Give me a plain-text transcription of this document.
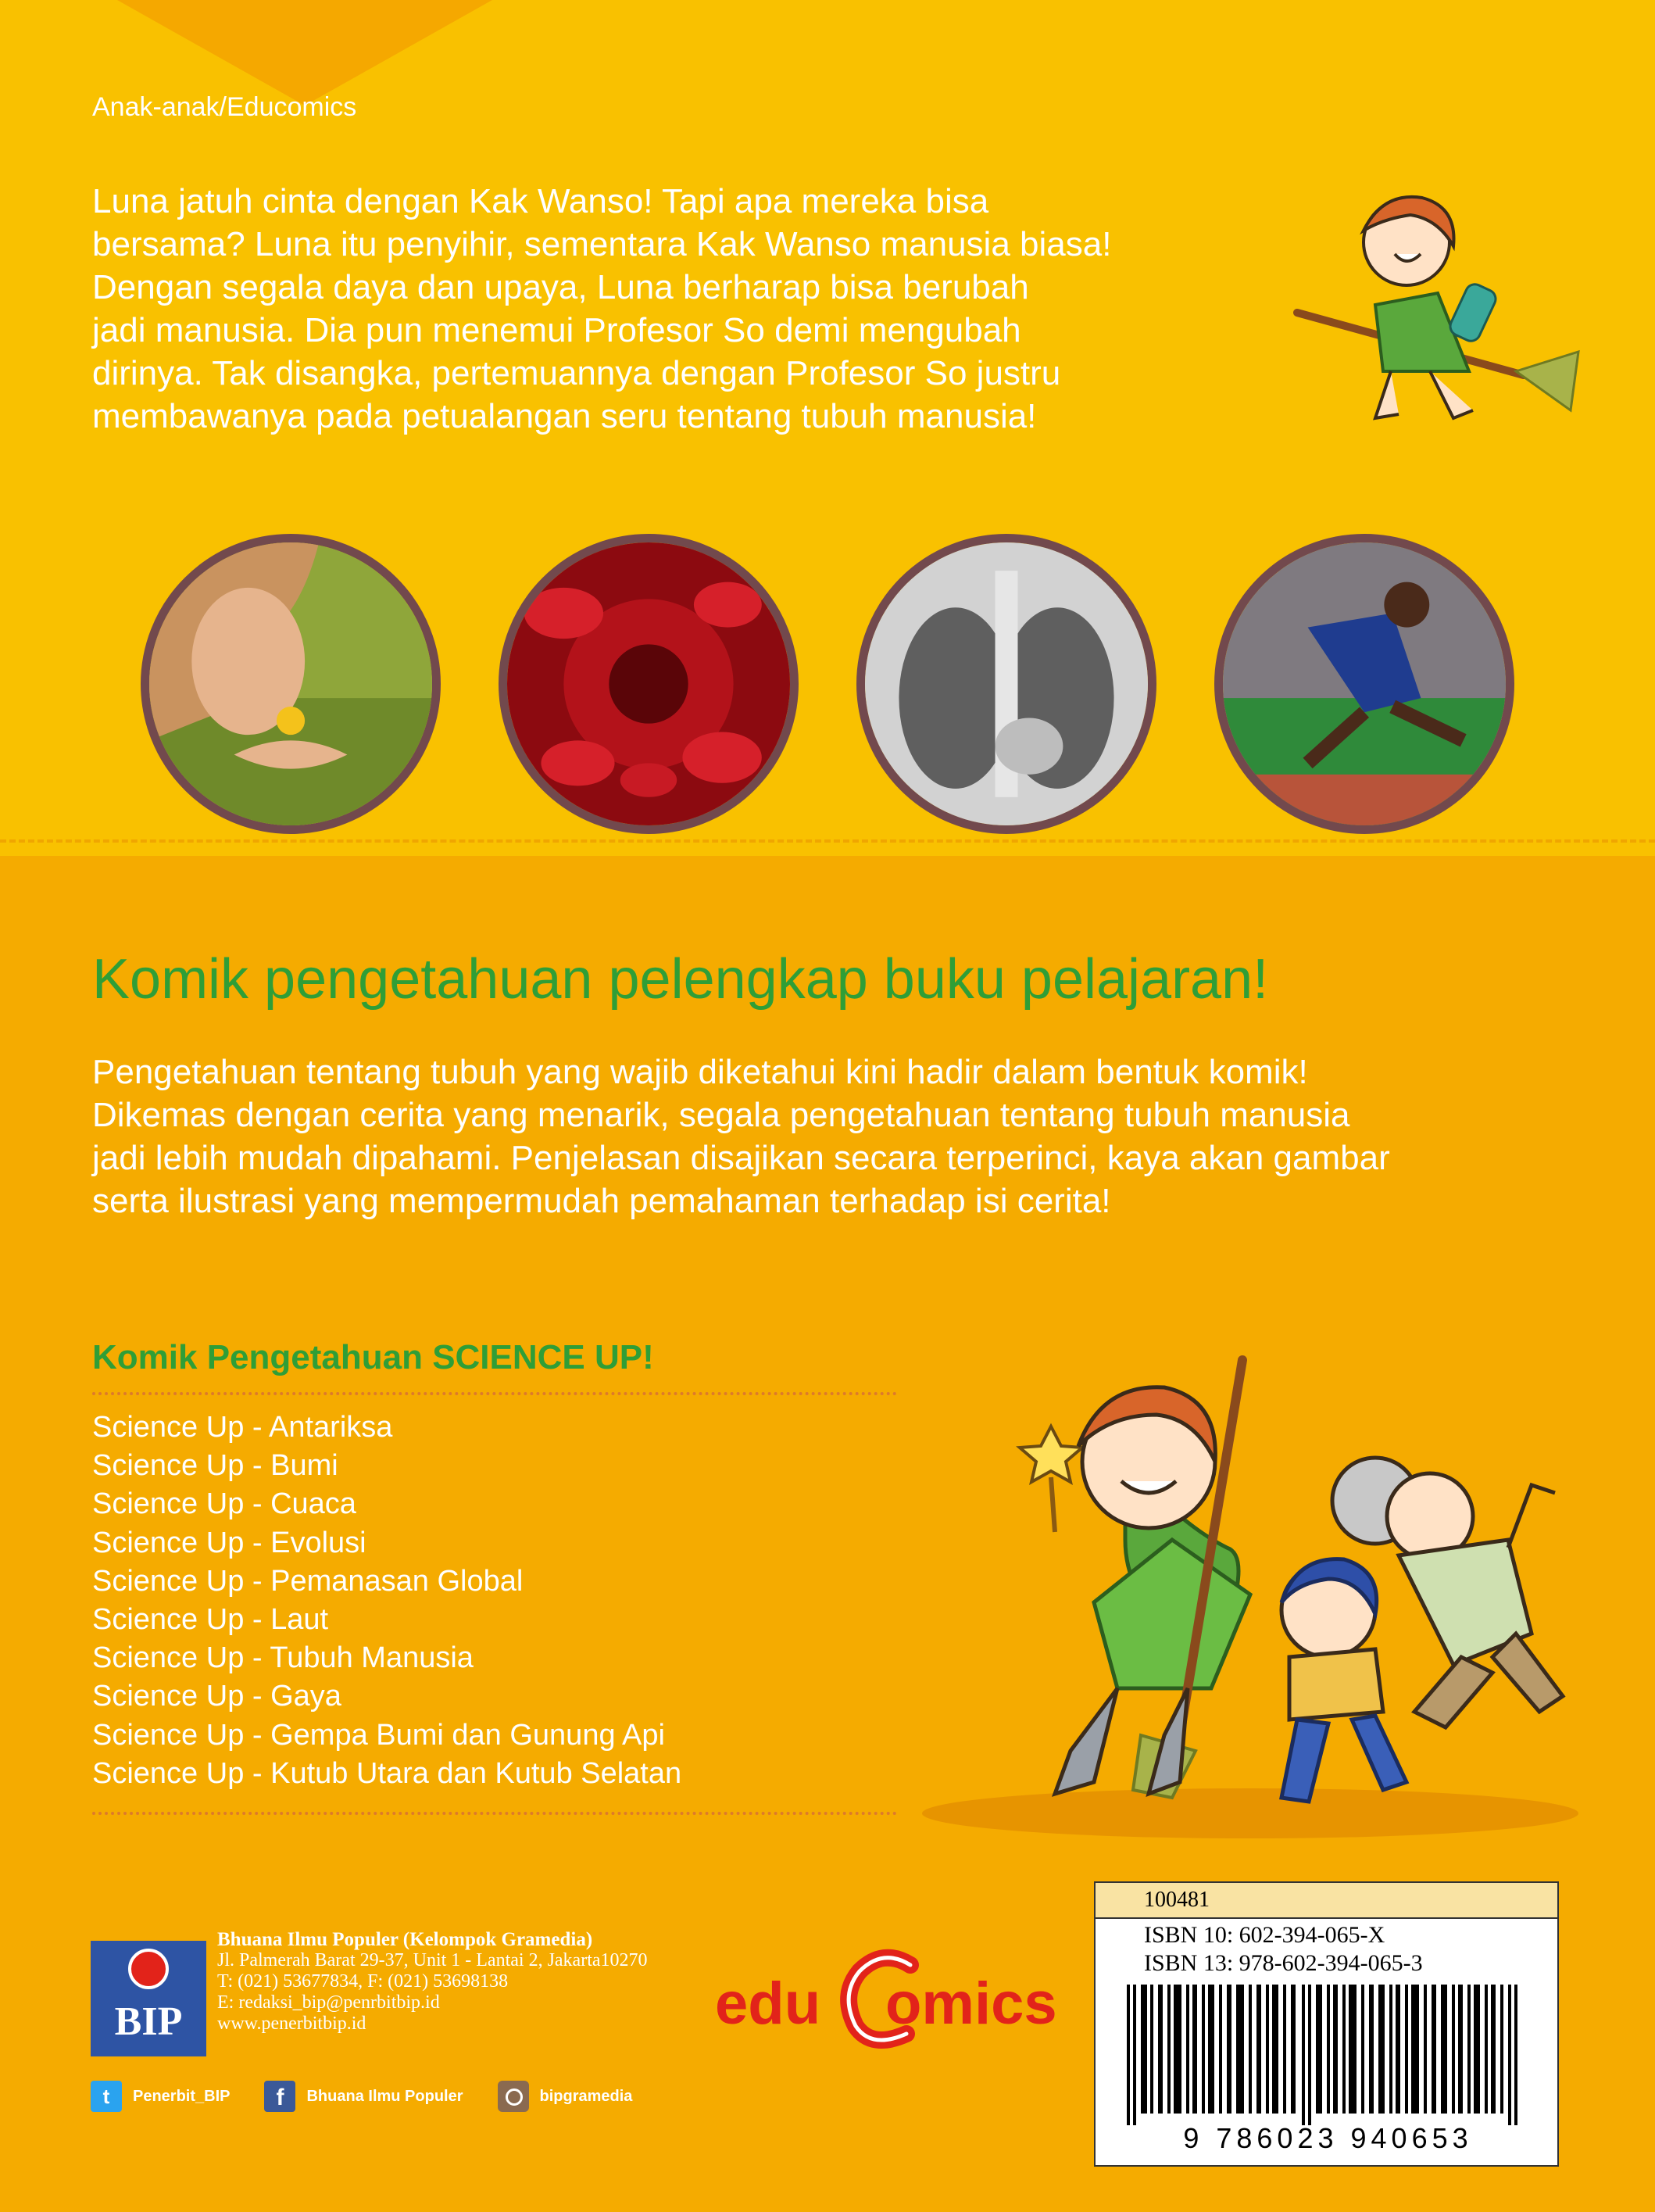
Anak-anak/Educomics

Luna jatuh cinta dengan Kak Wanso! Tapi apa mereka bisa

bersama? Luna itu penyihir, sementara Kak Wanso manusia biasa!

Dengan segala daya dan upaya, Luna berharap bisa berubah

jadi manusia. Dia pun menemui Profesor So demi mengubah

dirinya. Tak disangka, pertemuannya dengan Profesor So justru

membawanya pada petualangan seru tentang tubuh manusia!

Komik pengetahuan pelengkap buku pelajaran!
Pengetahuan tentang tubuh yang wajib diketahui kini hadir dalam bentuk komik!
Dikemas dengan cerita yang menarik, segala pengetahuan tentang tubuh manusia
jadi lebih mudah dipahami. Penjelasan disajikan secara terperinci, kaya akan gambar
serta ilustrasi yang mempermudah pemahaman terhadap isi cerita!
Komik Pengetahuan SCIENCE UP!
Science Up - Antariksa
Science Up - Bumi
Science Up - Cuaca
Science Up - Evolusi
Science Up - Pemanasan Global
Science Up - Laut
Science Up - Tubuh Manusia
Science Up - Gaya
Science Up - Gempa Bumi dan Gunung Api
Science Up - Kutub Utara dan Kutub Selatan
BIP
Bhuana Ilmu Populer (Kelompok Gramedia)
Jl. Palmerah Barat 29-37, Unit 1 - Lantai 2, Jakarta10270
T: (021) 53677834, F: (021) 53698138
E: redaksi_bip@penrbitbip.id
www.penerbitbip.id
t	Penerbit_BIP	f	Bhuana Ilmu Populer	bipgramedia
edu omics
100481
ISBN 10: 602-394-065-X
ISBN 13: 978-602-394-065-3
9 786023 940653
